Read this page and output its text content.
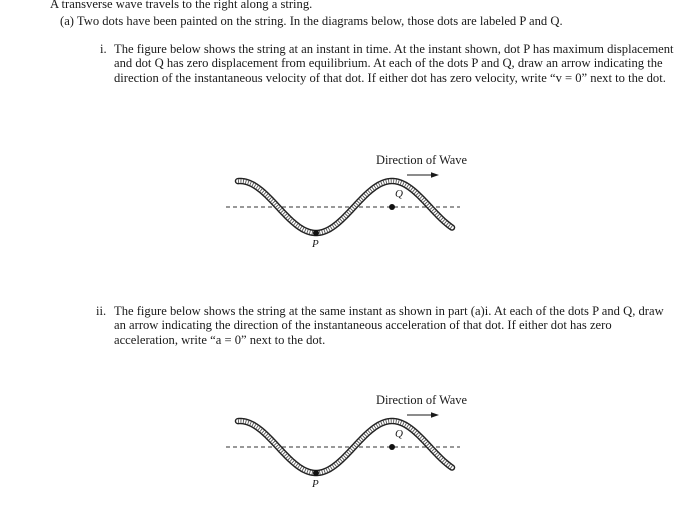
A transverse wave travels to the right along a string.

(a) Two dots have been painted on the string. In the diagrams below, those dots are labeled P and Q.

i. The figure below shows the string at an instant in time. At the instant shown, dot P has maximum displacement and dot Q has zero displacement from equilibrium. At each of the dots P and Q, draw an arrow indicating the direction of the instantaneous velocity of that dot. If either dot has zero velocity, write “v = 0” next to the dot.
Direction of Wave
P
Q
ii. The figure below shows the string at the same instant as shown in part (a)i. At each of the dots P and Q, draw an arrow indicating the direction of the instantaneous acceleration of that dot. If either dot has zero acceleration, write “a = 0” next to the dot.
Direction of Wave
P
Q
